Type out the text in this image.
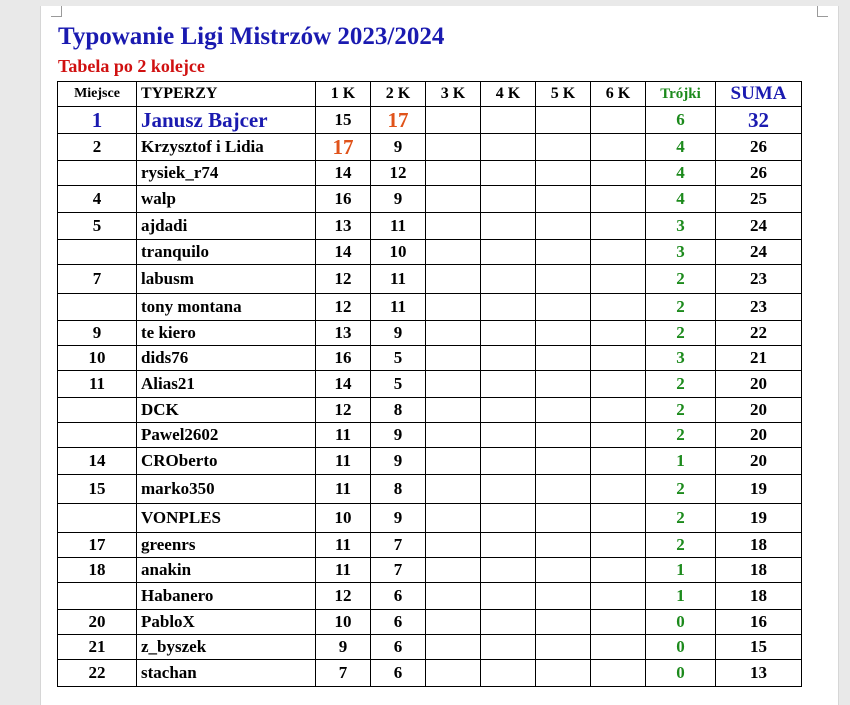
Typowanie Ligi Mistrzów 2023/2024
Tabela po 2 kolejce
Miejsce	TYPERZY	1 K	2 K	3 K	4 K	5 K	6 K	Trójki	SUMA
1	Janusz Bajcer	15	17					6	32
2	Krzysztof i Lidia	17	9					4	26
	rysiek_r74	14	12					4	26
4	walp	16	9					4	25
5	ajdadi	13	11					3	24
	tranquilo	14	10					3	24
7	labusm	12	11					2	23
	tony montana	12	11					2	23
9	te kiero	13	9					2	22
10	dids76	16	5					3	21
11	Alias21	14	5					2	20
	DCK	12	8					2	20
	Pawel2602	11	9					2	20
14	CROberto	11	9					1	20
15	marko350	11	8					2	19
	VONPLES	10	9					2	19
17	greenrs	11	7					2	18
18	anakin	11	7					1	18
	Habanero	12	6					1	18
20	PabloX	10	6					0	16
21	z_byszek	9	6					0	15
22	stachan	7	6					0	13
